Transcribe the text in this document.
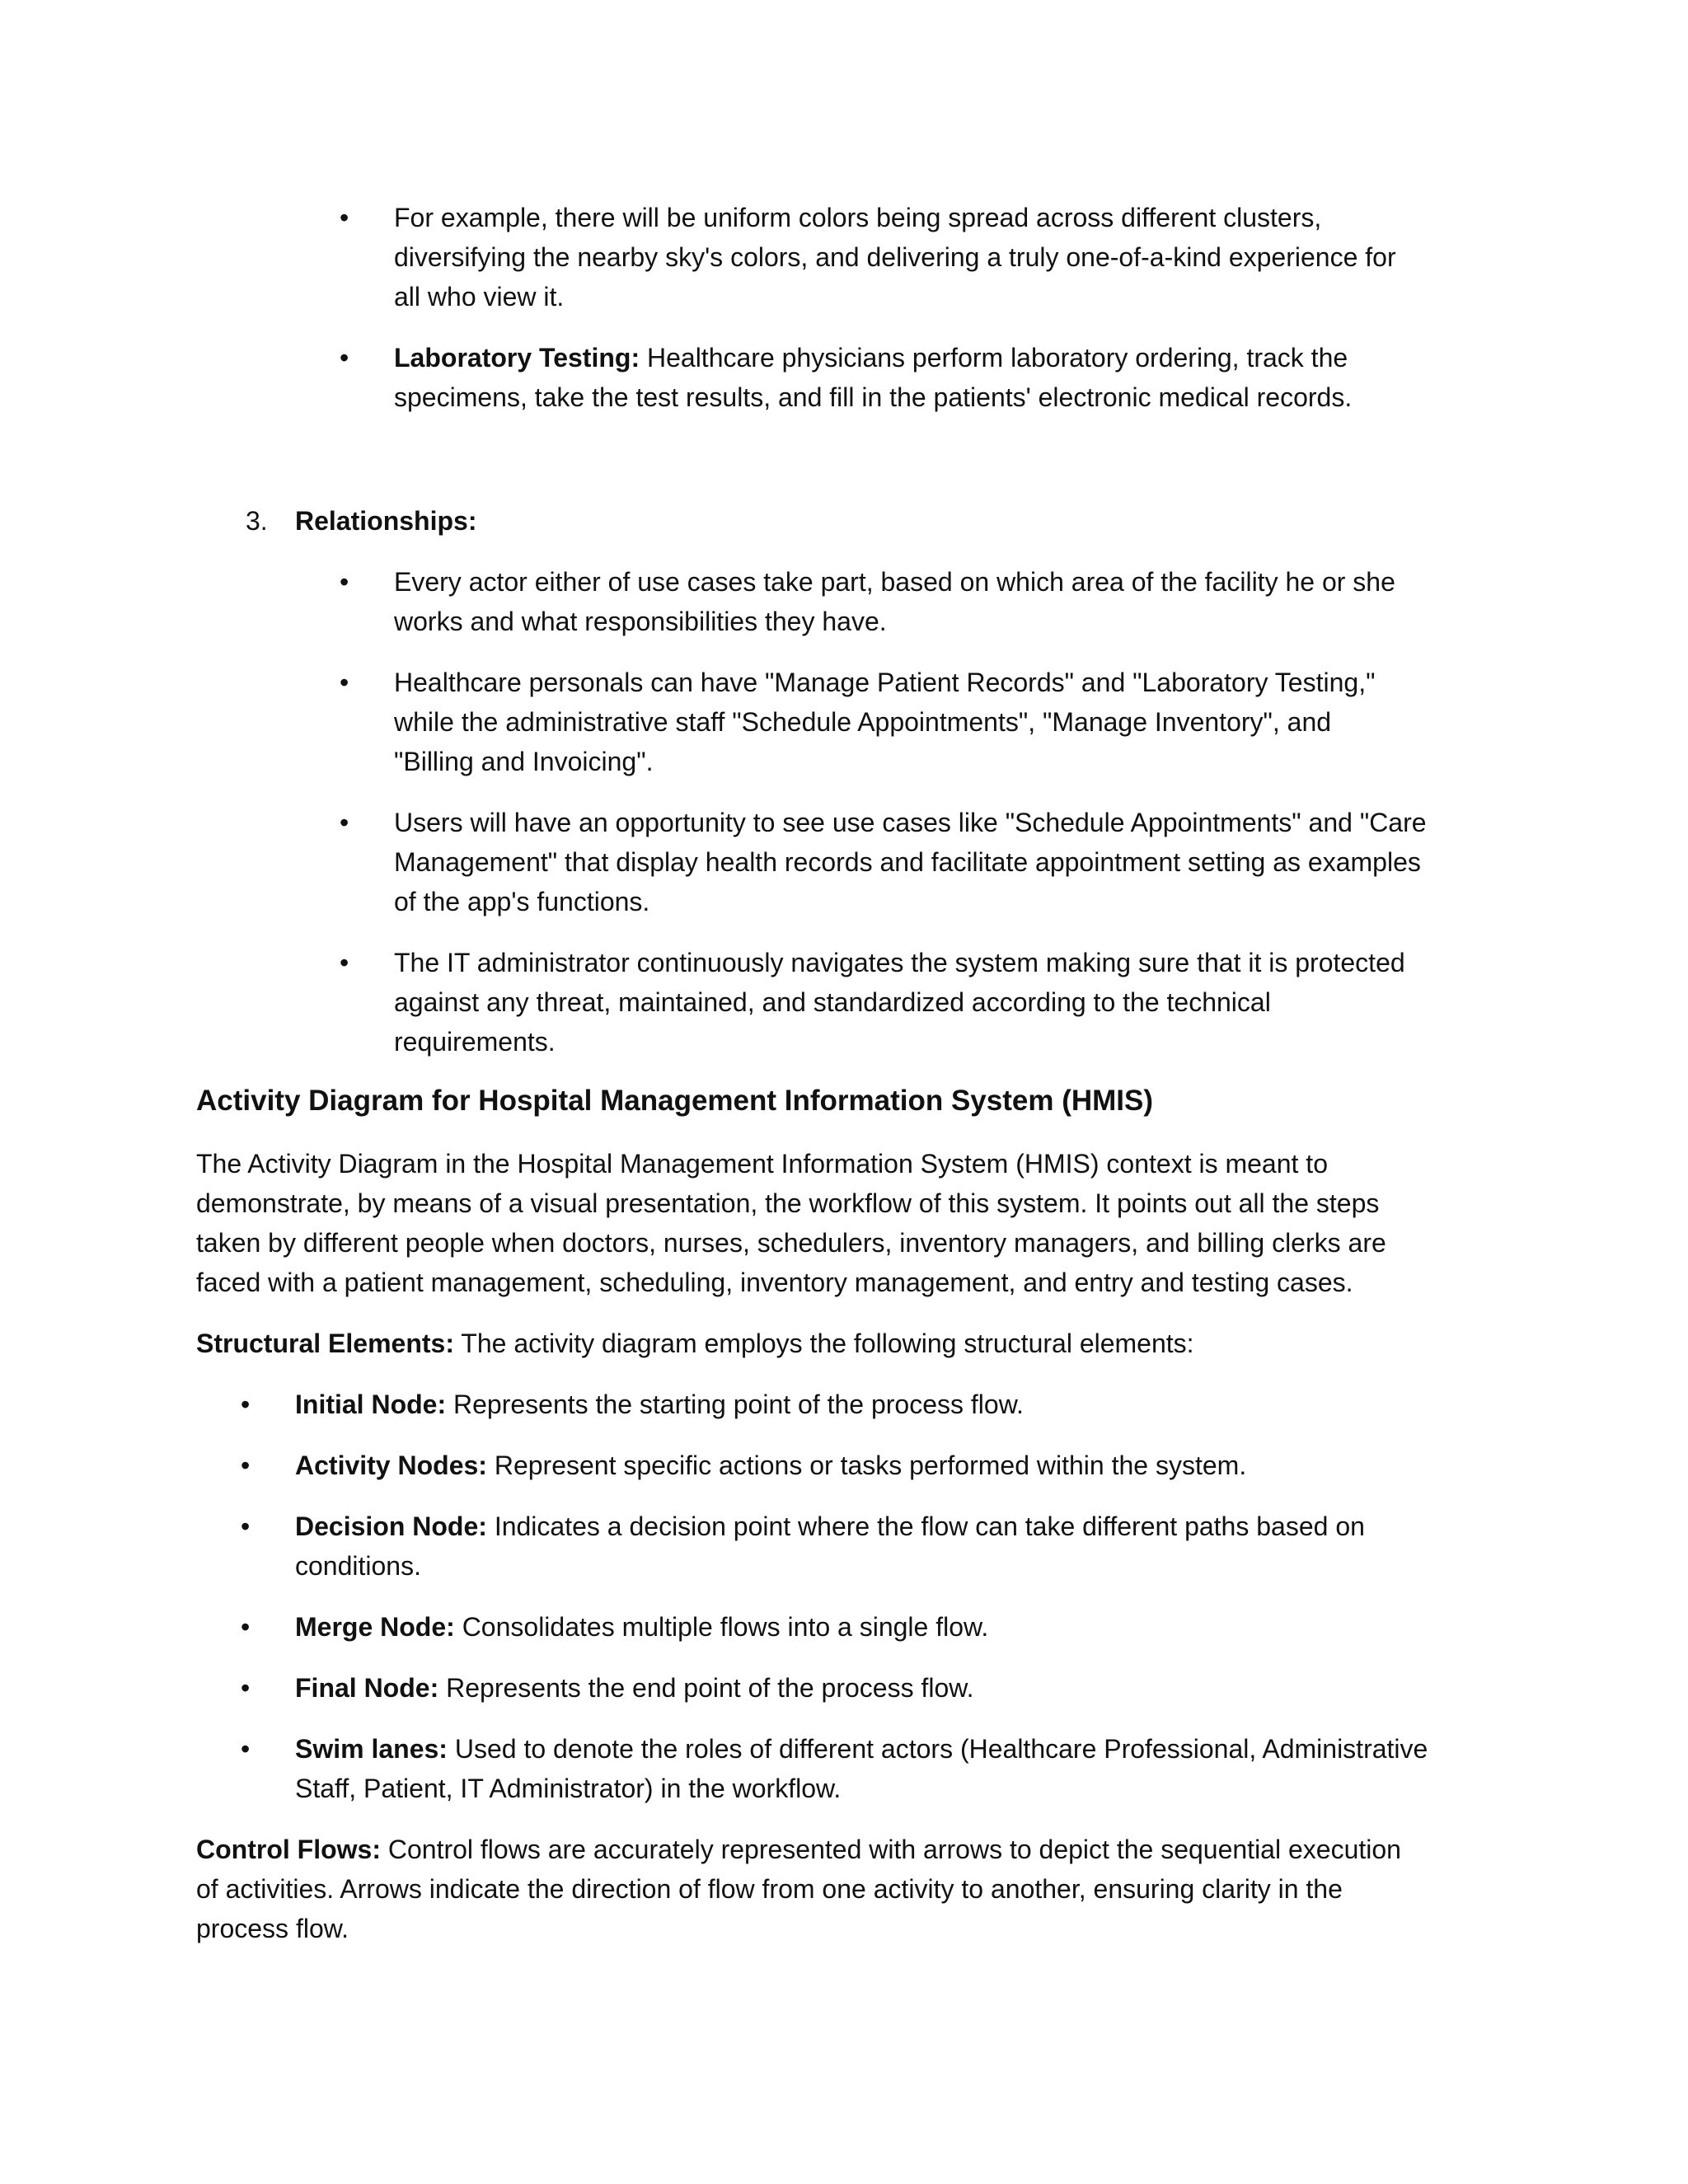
• For example, there will be uniform colors being spread across different clusters,
diversifying the nearby sky's colors, and delivering a truly one-of-a-kind experience for
all who view it.
• Laboratory Testing: Healthcare physicians perform laboratory ordering, track the
specimens, take the test results, and fill in the patients' electronic medical records.
3. Relationships:
• Every actor either of use cases take part, based on which area of the facility he or she
works and what responsibilities they have.
• Healthcare personals can have "Manage Patient Records" and "Laboratory Testing,"
while the administrative staff "Schedule Appointments", "Manage Inventory", and
"Billing and Invoicing".
• Users will have an opportunity to see use cases like "Schedule Appointments" and "Care
Management" that display health records and facilitate appointment setting as examples
of the app's functions.
• The IT administrator continuously navigates the system making sure that it is protected
against any threat, maintained, and standardized according to the technical
requirements.
Activity Diagram for Hospital Management Information System (HMIS)
The Activity Diagram in the Hospital Management Information System (HMIS) context is meant to
demonstrate, by means of a visual presentation, the workflow of this system. It points out all the steps
taken by different people when doctors, nurses, schedulers, inventory managers, and billing clerks are
faced with a patient management, scheduling, inventory management, and entry and testing cases.
Structural Elements: The activity diagram employs the following structural elements:
• Initial Node: Represents the starting point of the process flow.
• Activity Nodes: Represent specific actions or tasks performed within the system.
• Decision Node: Indicates a decision point where the flow can take different paths based on
conditions.
• Merge Node: Consolidates multiple flows into a single flow.
• Final Node: Represents the end point of the process flow.
• Swim lanes: Used to denote the roles of different actors (Healthcare Professional, Administrative
Staff, Patient, IT Administrator) in the workflow.
Control Flows: Control flows are accurately represented with arrows to depict the sequential execution
of activities. Arrows indicate the direction of flow from one activity to another, ensuring clarity in the
process flow.
